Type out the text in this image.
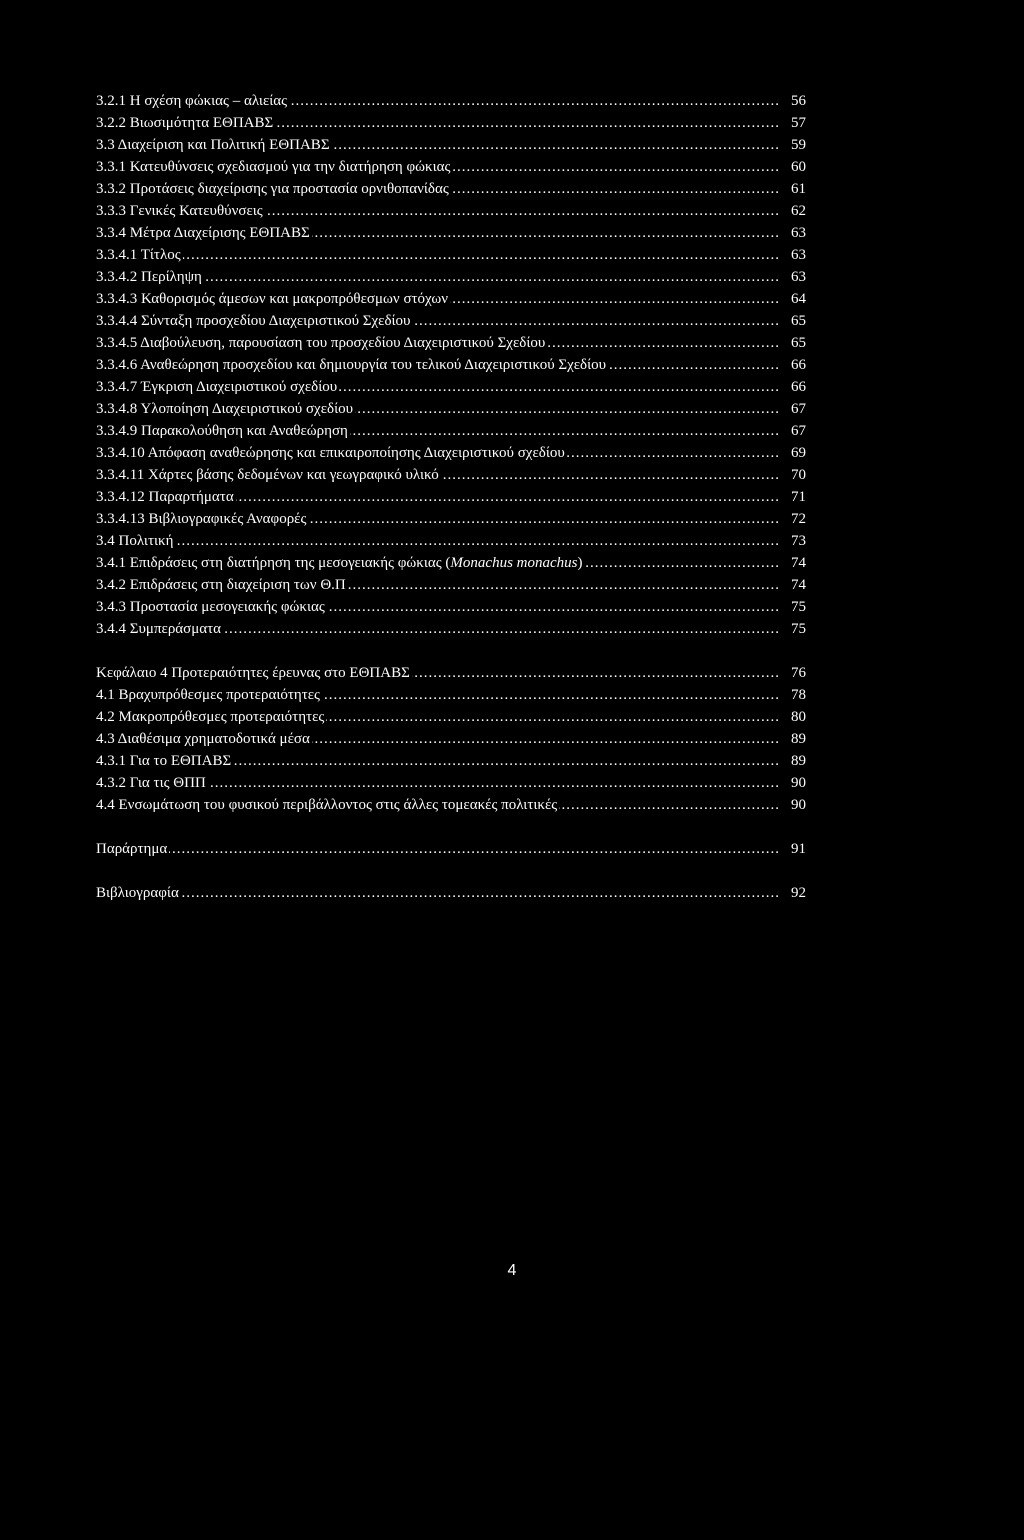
.....
3.2.1 Η σχέση φώκιας – αλιείας	56
.....
3.2.2 Βιωσιμότητα ΕΘΠΑΒΣ	57
.....
3.3 Διαχείριση και Πολιτική ΕΘΠΑΒΣ	59
.....
3.3.1 Κατευθύνσεις σχεδιασμού για την διατήρηση φώκιας	60
.....
3.3.2 Προτάσεις διαχείρισης για προστασία ορνιθοπανίδας	61
.....
3.3.3 Γενικές Κατευθύνσεις	62
.....
3.3.4 Μέτρα Διαχείρισης ΕΘΠΑΒΣ	63
.....
3.3.4.1 Τίτλος	63
.....
3.3.4.2 Περίληψη	63
.....
3.3.4.3 Καθορισμός άμεσων και μακροπρόθεσμων στόχων	64
.....
3.3.4.4 Σύνταξη προσχεδίου Διαχειριστικού Σχεδίου	65
.....
3.3.4.5 Διαβούλευση, παρουσίαση του προσχεδίου Διαχειριστικού Σχεδίου	65
.....
3.3.4.6 Αναθεώρηση προσχεδίου και δημιουργία του τελικού Διαχειριστικού Σχεδίου	66
.....
3.3.4.7 Έγκριση Διαχειριστικού σχεδίου	66
.....
3.3.4.8 Υλοποίηση Διαχειριστικού σχεδίου	67
.....
3.3.4.9 Παρακολούθηση και Αναθεώρηση	67
.....
3.3.4.10 Απόφαση αναθεώρησης και επικαιροποίησης Διαχειριστικού σχεδίου	69
.....
3.3.4.11 Χάρτες βάσης δεδομένων και γεωγραφικό υλικό	70
.....
3.3.4.12 Παραρτήματα	71
.....
3.3.4.13 Βιβλιογραφικές Αναφορές	72
.....
3.4 Πολιτική	73
.....
3.4.1 Επιδράσεις στη διατήρηση της μεσογειακής φώκιας (Monachus monachus)	74
.....
3.4.2 Επιδράσεις στη διαχείριση των Θ.Π	74
.....
3.4.3 Προστασία μεσογειακής φώκιας	75
.....
3.4.4 Συμπεράσματα	75
.....
Κεφάλαιο 4 Προτεραιότητες έρευνας στο ΕΘΠΑΒΣ	76
.....
4.1 Βραχυπρόθεσμες προτεραιότητες	78
.....
4.2 Μακροπρόθεσμες προτεραιότητες	80
.....
4.3 Διαθέσιμα χρηματοδοτικά μέσα	89
.....
4.3.1 Για το ΕΘΠΑΒΣ	89
.....
4.3.2 Για τις ΘΠΠ	90
.....
4.4 Ενσωμάτωση του φυσικού περιβάλλοντος στις άλλες τομεακές πολιτικές	90
.....
Παράρτημα	91
.....
Βιβλιογραφία	92
4
